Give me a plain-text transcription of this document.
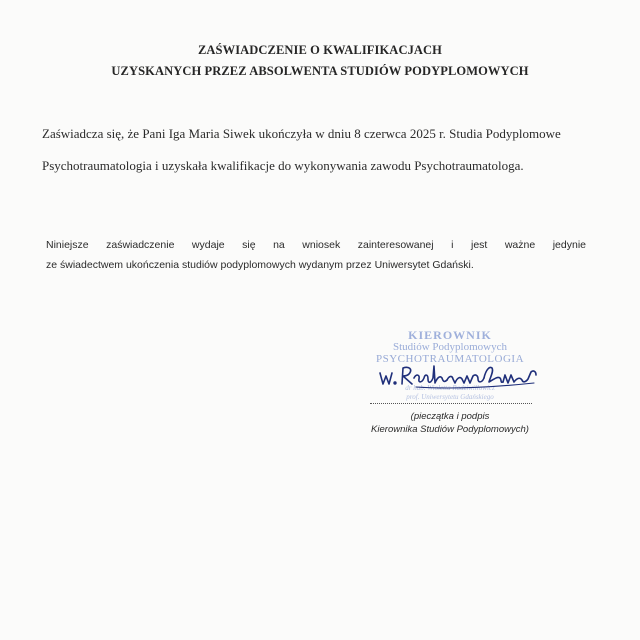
ZAŚWIADCZENIE O KWALIFIKACJACH
UZYSKANYCH PRZEZ ABSOLWENTA STUDIÓW PODYPLOMOWYCH
Zaświadcza się, że Pani Iga Maria Siwek ukończyła w dniu 8 czerwca 2025 r. Studia Podyplomowe
Psychotraumatologia i uzyskała kwalifikacje do wykonywania zawodu Psychotraumatologa.
Niniejsze zaświadczenie wydaje się na wniosek zainteresowanej i jest ważne jedynie
ze świadectwem ukończenia studiów podyplomowych wydanym przez Uniwersytet Gdański.
KIEROWNIK
Studiów Podyplomowych
PSYCHOTRAUMATOLOGIA
dr hab. Wioletta Radziwiłłowicz
prof. Uniwersytetu Gdańskiego
(pieczątka i podpis
Kierownika Studiów Podyplomowych)
